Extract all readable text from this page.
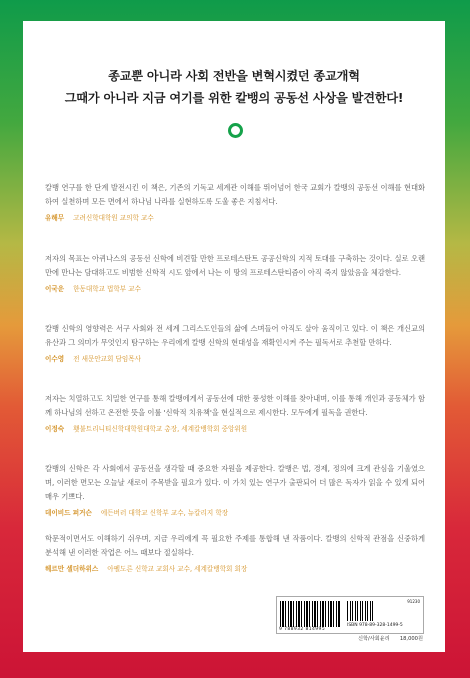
종교뿐 아니라 사회 전반을 변혁시켰던 종교개혁
그때가 아니라 지금 여기를 위한 칼뱅의 공동선 사상을 발견한다!

칼뱅 연구를 한 단계 발전시킨 이 책은, 기존의 기독교 세계관 이해를 뛰어넘어 한국 교회가 칼뱅의 공동선 이해를 현대화하여 실천하며 모든 면에서 하나님 나라를 실현하도록 도울 좋은 지침서다.

유해무 고려신학대학원 교의학 교수

저자의 목표는 아퀴나스의 공동선 신학에 비견할 만한 프로테스탄트 공공신학의 지적 토대를 구축하는 것이다. 실로 오랜만에 만나는 담대하고도 비범한 신학적 시도 앞에서 나는 이 땅의 프로테스탄티즘이 아직 죽지 않았음을 체감한다.

이국운 한동대학교 법학부 교수

칼뱅 신학의 영향력은 서구 사회와 전 세계 그리스도인들의 삶에 스며들어 아직도 살아 움직이고 있다. 이 책은 개신교의 유산과 그 의미가 무엇인지 탐구하는 우리에게 칼뱅 신학의 현대성을 재확인시켜 주는 필독서로 추천할 만하다.

이수영 전 새문안교회 담임목사

저자는 치열하고도 치밀한 연구를 통해 칼뱅에게서 공동선에 대한 풍성한 이해를 찾아내며, 이를 통해 개인과 공동체가 함께 하나님의 선하고 온전한 뜻을 이룰 '신학적 치유책'을 현실적으로 제시한다. 모두에게 필독을 권한다.

이정숙 횃불트리니티신학대학원대학교 총장, 세계칼뱅학회 중앙위원

칼뱅의 신학은 각 사회에서 공동선을 생각할 때 중요한 자원을 제공한다. 칼뱅은 법, 경제, 정의에 크게 관심을 기울였으며, 이러한 면모는 오늘날 새로이 주목받을 필요가 있다. 이 가치 있는 연구가 출판되어 더 많은 독자가 읽을 수 있게 되어 매우 기쁘다.

데이비드 퍼거슨 에든버러 대학교 신학부 교수, 뉴칼리지 학장

학문적이면서도 이해하기 쉬우며, 지금 우리에게 꼭 필요한 주제를 통합해 낸 작품이다. 칼뱅의 신학적 관점을 신중하게 분석해 낸 이러한 작업은 어느 때보다 절실하다.

헤르만 셀더하위스 아펠도른 신학교 교회사 교수, 세계칼뱅학회 회장
91230
9 788932 814995
ISBN 978-89-328-1499-5
신학/사회윤리 18,000원
